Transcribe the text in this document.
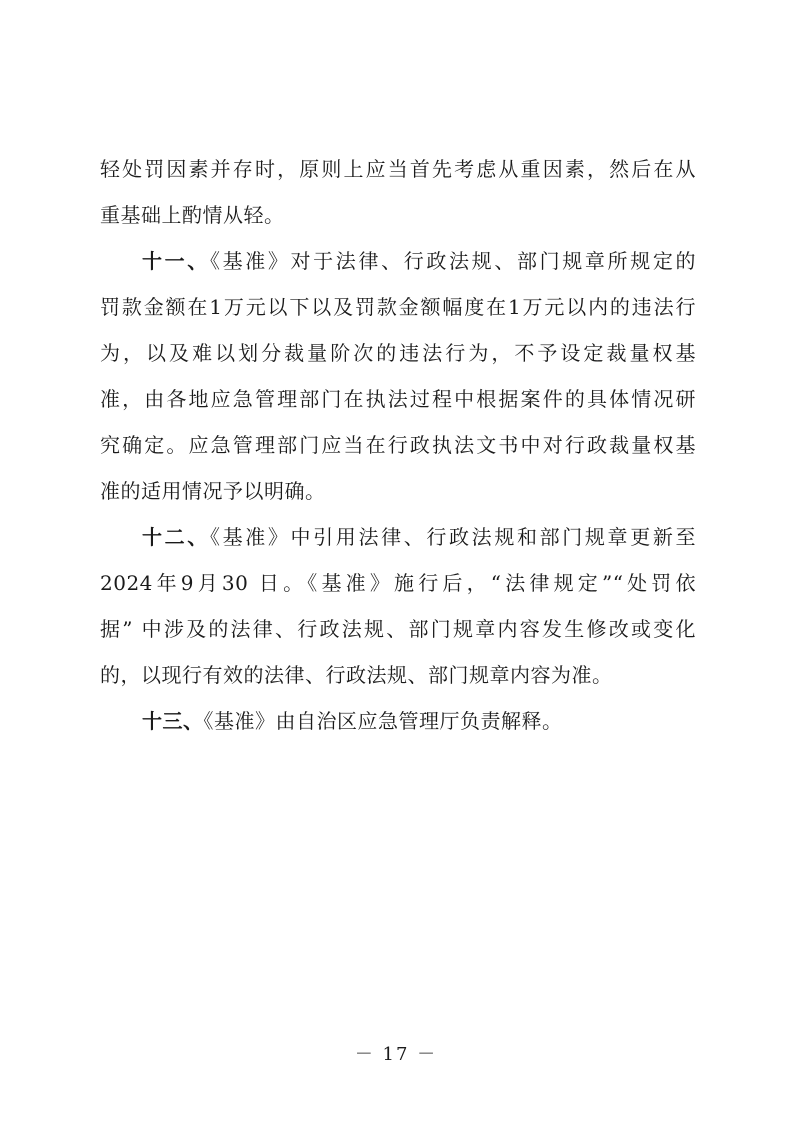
轻处罚因素并存时，原则上应当首先考虑从重因素，然后在从
重基础上酌情从轻。
十一、《基准》对于法律、行政法规、部门规章所规定的
罚款金额在1万元以下以及罚款金额幅度在1万元以内的违法行
为，以及难以划分裁量阶次的违法行为，不予设定裁量权基
准，由各地应急管理部门在执法过程中根据案件的具体情况研
究确定。应急管理部门应当在行政执法文书中对行政裁量权基
准的适用情况予以明确。
十二、《基准》中引用法律、行政法规和部门规章更新至
2024年9月30 日。《基准》施行后，“法律规定”“处罚依
据” 中涉及的法律、行政法规、部门规章内容发生修改或变化
的，以现行有效的法律、行政法规、部门规章内容为准。
十三、《基准》由自治区应急管理厅负责解释。
－ 17 －
